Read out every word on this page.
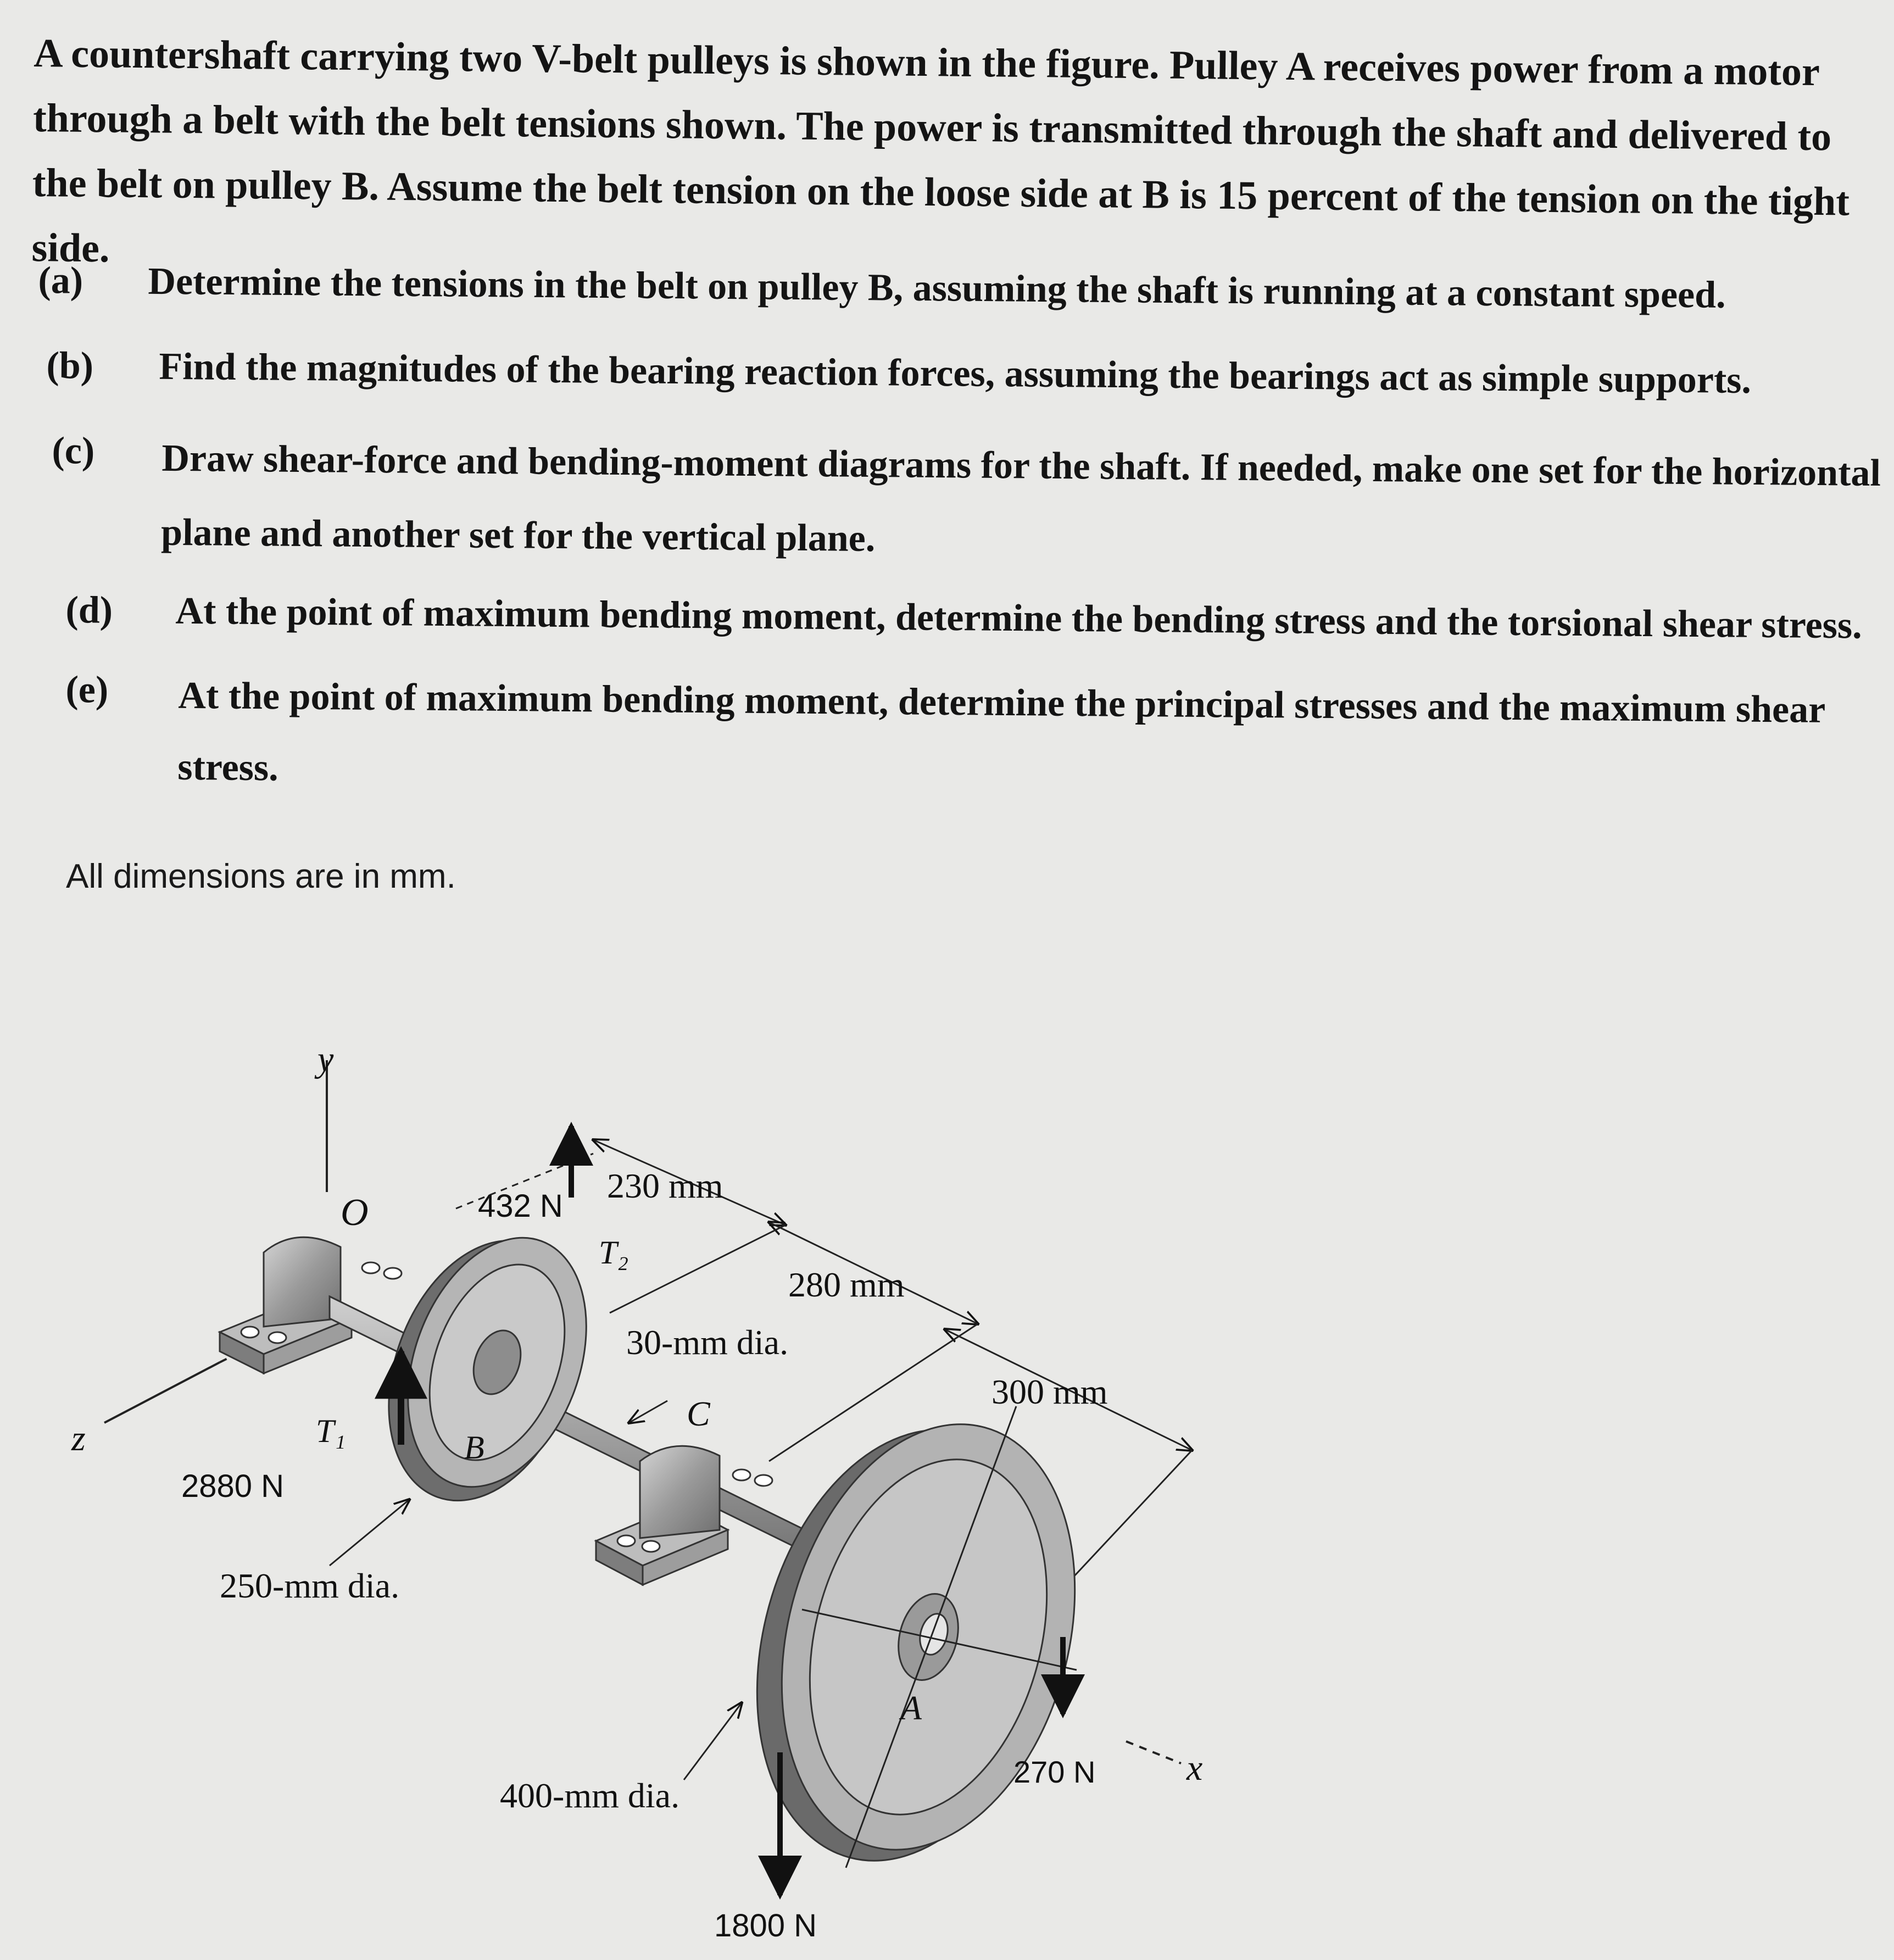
A countershaft carrying two V-belt pulleys is shown in the figure. Pulley A receives power from a motor through a belt with the belt tensions shown. The power is transmitted through the shaft and delivered to the belt on pulley B. Assume the belt tension on the loose side at B is 15 percent of the tension on the tight side.
(a) Determine the tensions in the belt on pulley B, assuming the shaft is running at a constant speed.
(b) Find the magnitudes of the bearing reaction forces, assuming the bearings act as simple supports.
(c) Draw shear-force and bending-moment diagrams for the shaft. If needed, make one set for the horizontal plane and another set for the vertical plane.
(d) At the point of maximum bending moment, determine the bending stress and the torsional shear stress.
(e) At the point of maximum bending moment, determine the principal stresses and the maximum shear stress.
All dimensions are in mm.
y
z
x
O
230 mm
280 mm
300 mm
B
C
A
432 N
T₂
T₁
2880 N
30-mm dia.
250-mm dia.
400-mm dia.
1800 N
270 N
